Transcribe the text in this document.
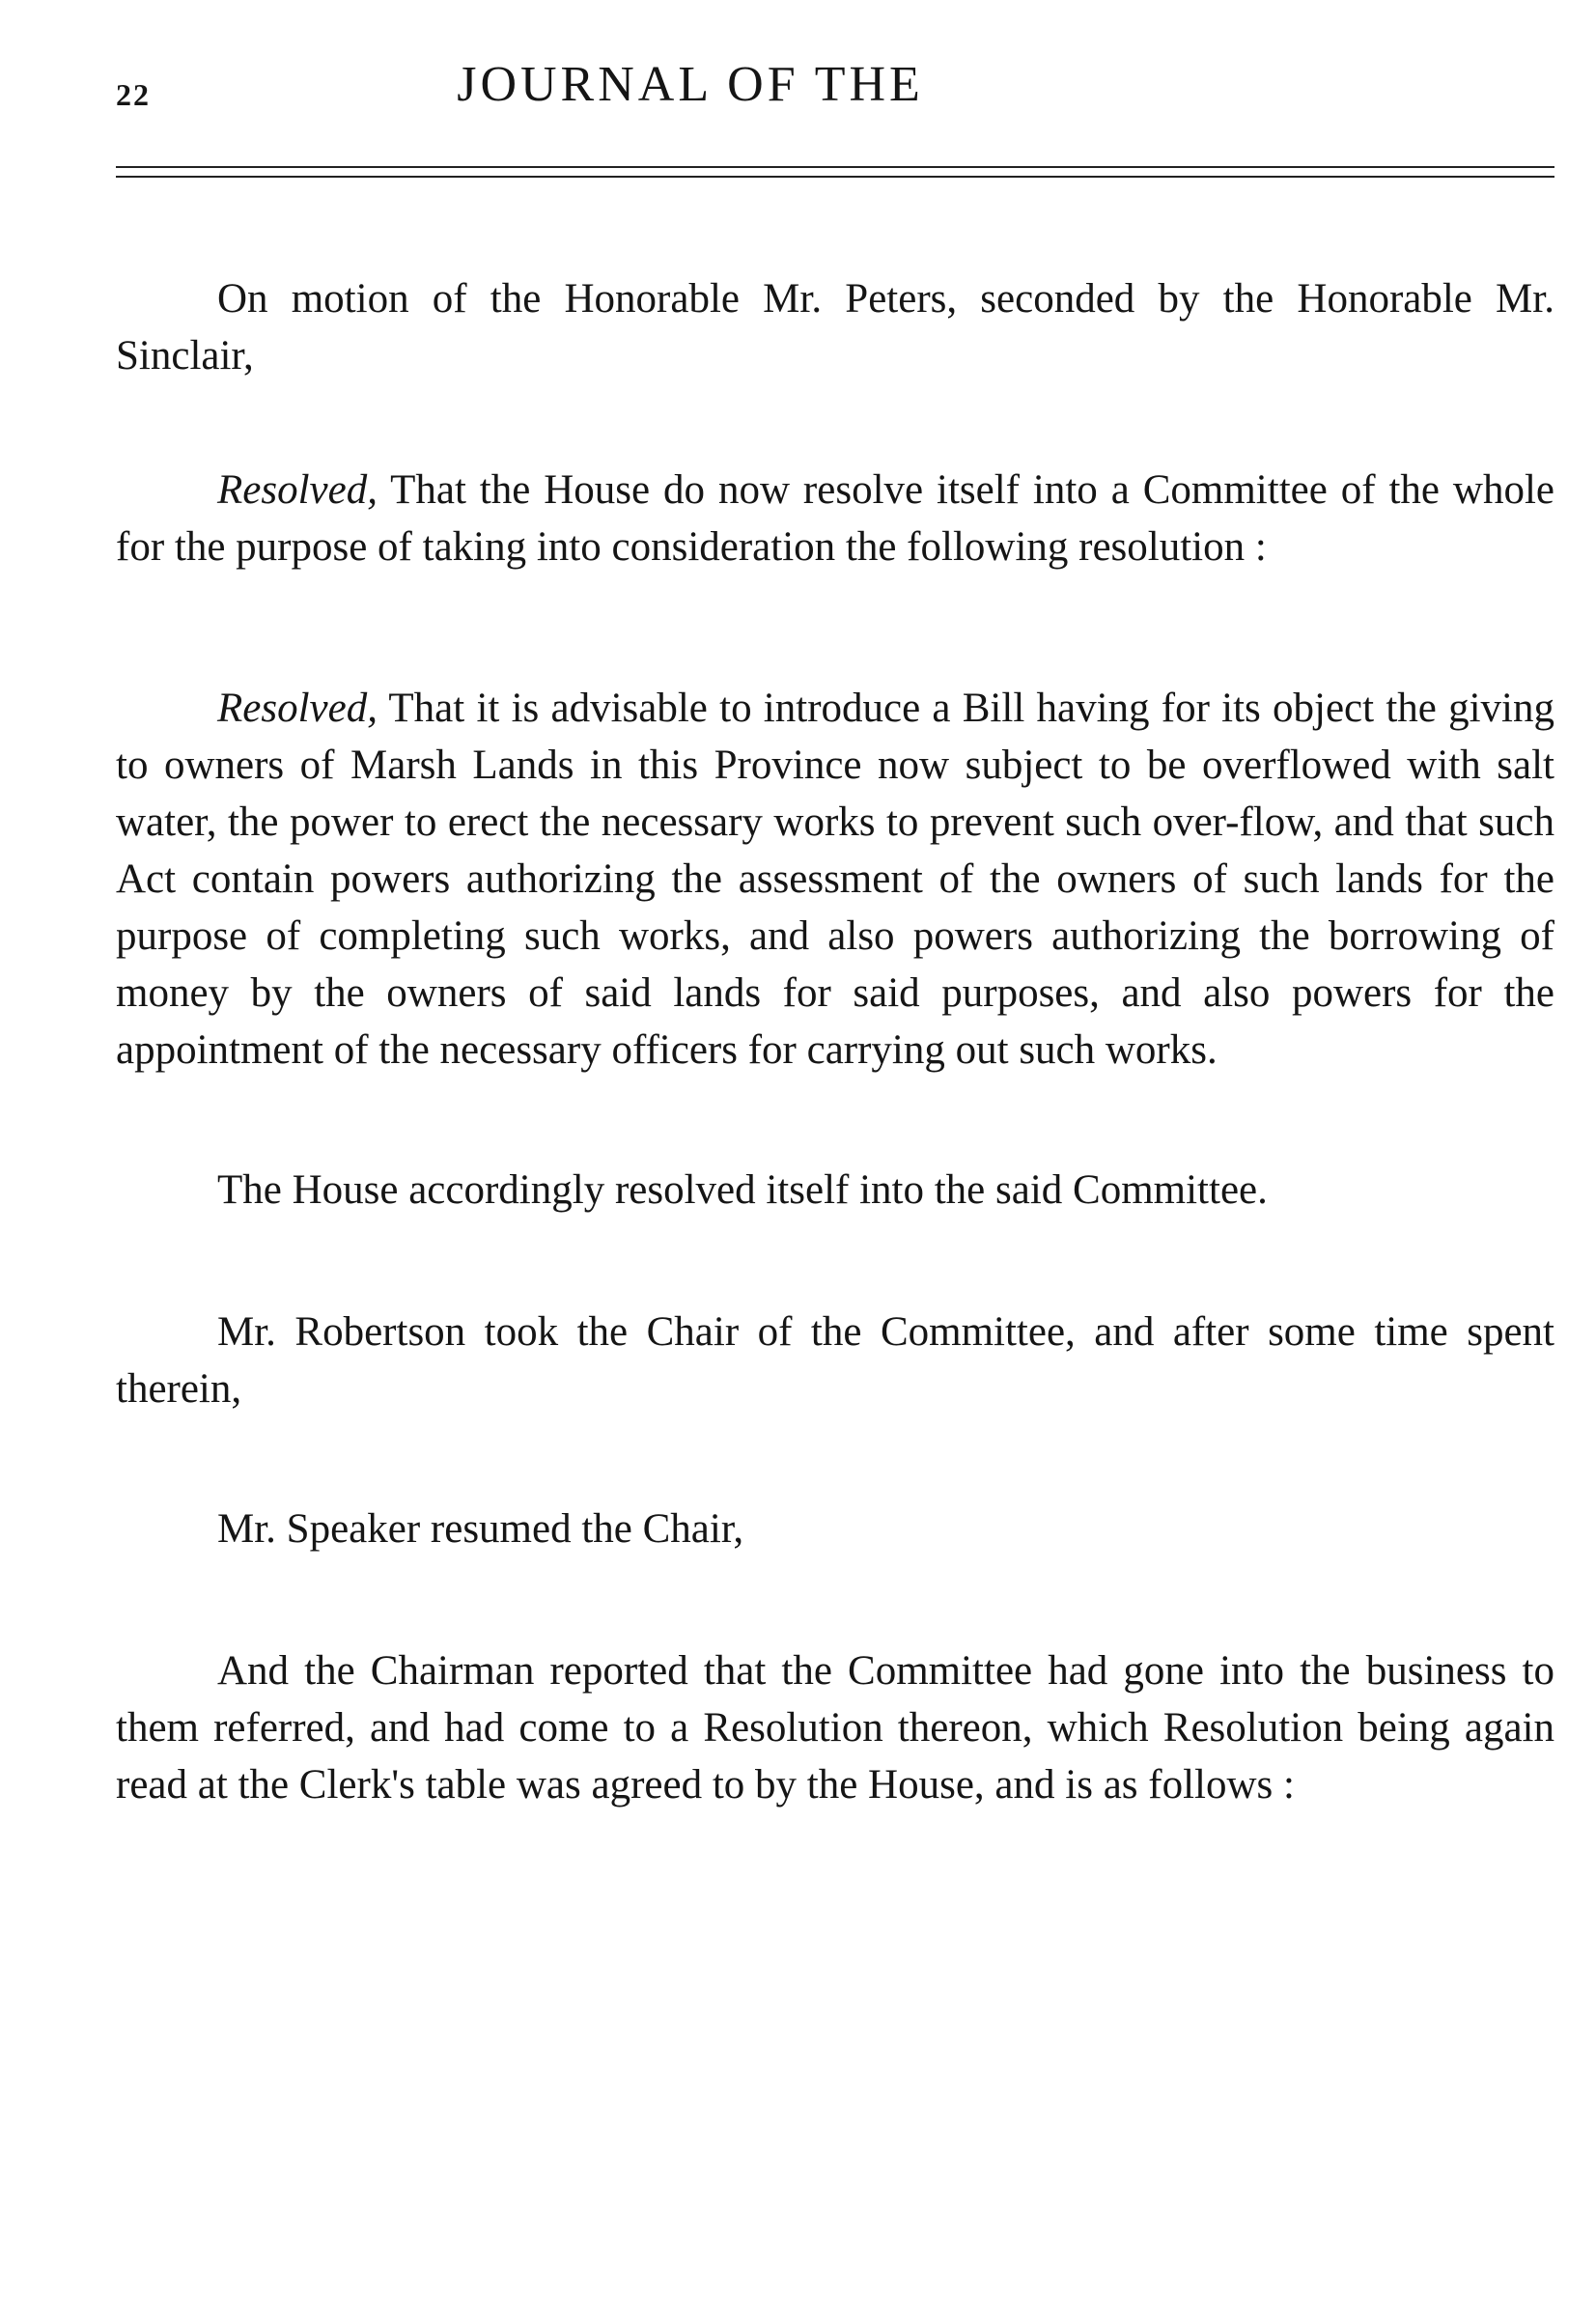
22	JOURNAL OF THE

On motion of the Honorable Mr. Peters, seconded by the Honorable Mr. Sinclair,

Resolved, That the House do now resolve itself into a Committee of the whole for the purpose of taking into consideration the following resolution :

Resolved, That it is advisable to introduce a Bill having for its object the giving to owners of Marsh Lands in this Province now subject to be overflowed with salt water, the power to erect the necessary works to prevent such over-flow, and that such Act contain powers authorizing the assessment of the owners of such lands for the purpose of completing such works, and also powers authorizing the borrowing of money by the owners of said lands for said purposes, and also powers for the appointment of the necessary officers for carrying out such works.

The House accordingly resolved itself into the said Committee.

Mr. Robertson took the Chair of the Committee, and after some time spent therein,

Mr. Speaker resumed the Chair,

And the Chairman reported that the Committee had gone into the business to them referred, and had come to a Resolution thereon, which Resolution being again read at the Clerk's table was agreed to by the House, and is as follows :
